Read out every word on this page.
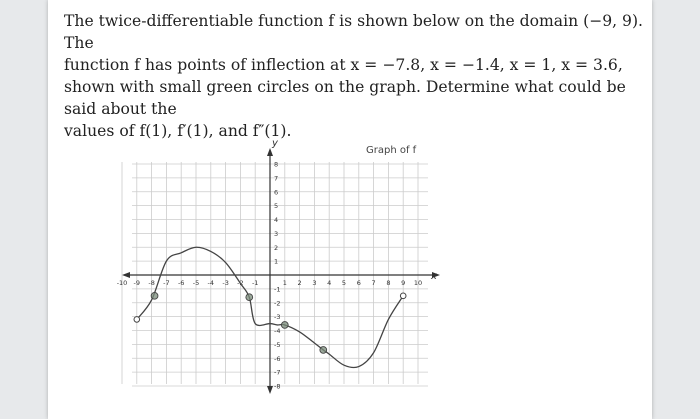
The twice-differentiable function f is shown below on the domain (−9, 9). The
function f has points of inflection at x = −7.8, x = −1.4, x = 1, x = 3.6,
shown with small green circles on the graph. Determine what could be said about the
values of f(1), f′(1), and f″(1).
-10 -9 -8 -7 -6 -5 -4 -3 -2 -1	1 2 3 4 5 6 7 8 9 10
8
7
6
5
4
3
2
1
-1
-2
-3
-4
-5
-6
-7
-8
Graph of f
y
x
